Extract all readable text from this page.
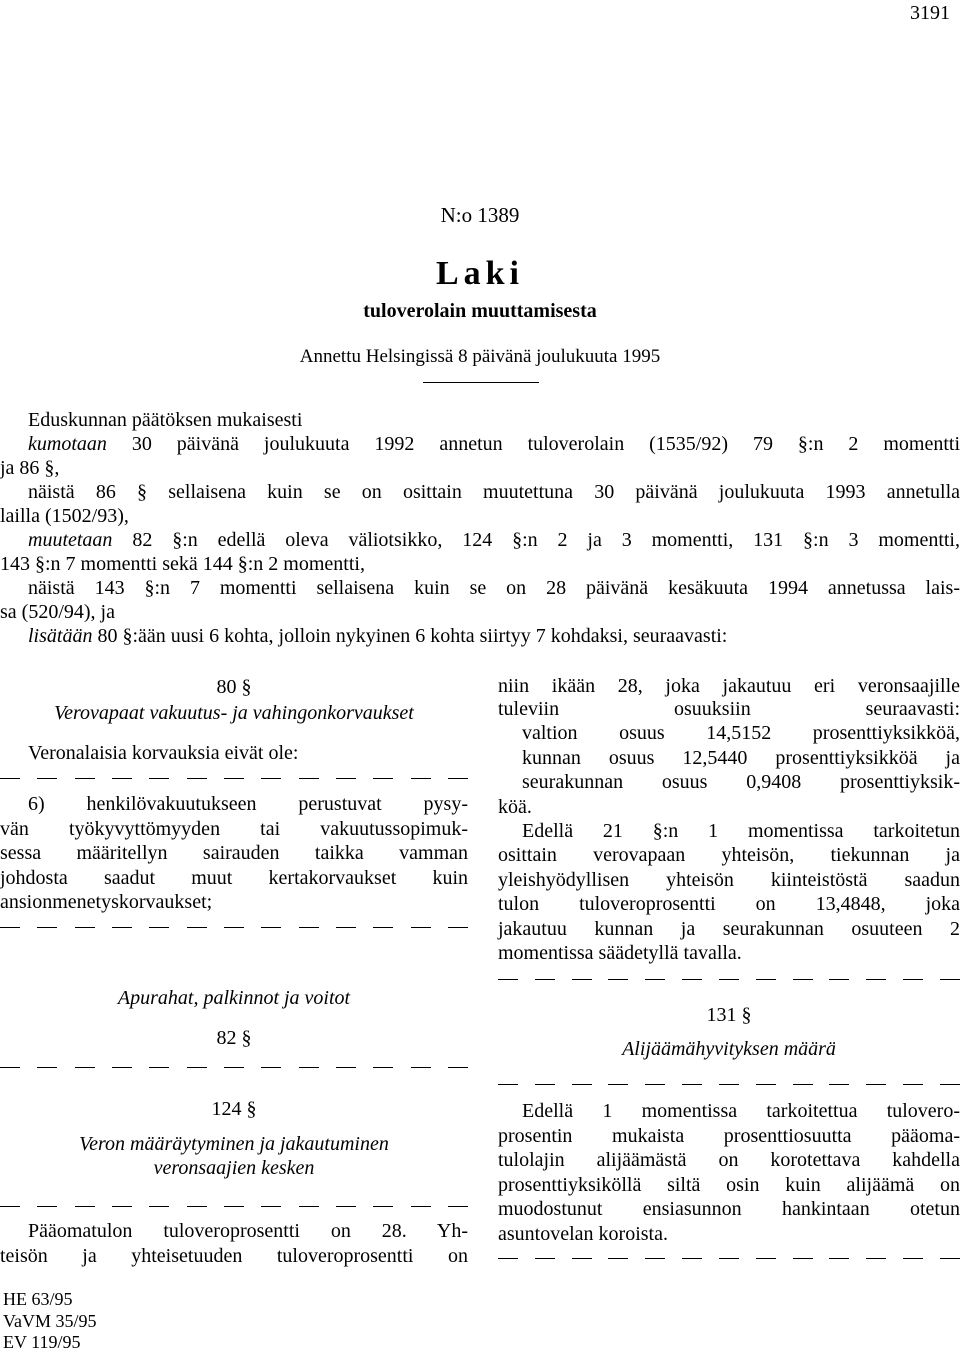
3191
N:o 1389
Laki
tuloverolain muuttamisesta
Annettu Helsingissä 8 päivänä joulukuuta 1995
Eduskunnan päätöksen mukaisesti
kumotaan 30 päivänä joulukuuta 1992 annetun tuloverolain (1535/92) 79 §:n 2 momentti
ja 86 §,
näistä 86 § sellaisena kuin se on osittain muutettuna 30 päivänä joulukuuta 1993 annetulla
lailla (1502/93),
muutetaan 82 §:n edellä oleva väliotsikko, 124 §:n 2 ja 3 momentti, 131 §:n 3 momentti,
143 §:n 7 momentti sekä 144 §:n 2 momentti,
näistä 143 §:n 7 momentti sellaisena kuin se on 28 päivänä kesäkuuta 1994 annetussa lais-
sa (520/94), ja
lisätään 80 §:ään uusi 6 kohta, jolloin nykyinen 6 kohta siirtyy 7 kohdaksi, seuraavasti:
80 §
Verovapaat vakuutus- ja vahingonkorvaukset
Veronalaisia korvauksia eivät ole:
6) henkilövakuutukseen perustuvat pysy-
vän työkyvyttömyyden tai vakuutussopimuk-
sessa määritellyn sairauden taikka vamman
johdosta saadut muut kertakorvaukset kuin
ansionmenetyskorvaukset;
Apurahat, palkinnot ja voitot
82 §
124 §
Veron määräytyminen ja jakautuminen
veronsaajien kesken
Pääomatulon tuloveroprosentti on 28. Yh-
teisön ja yhteisetuuden tuloveroprosentti on
niin ikään 28, joka jakautuu eri veronsaajille
tuleviin osuuksiin seuraavasti:
valtion osuus 14,5152 prosenttiyksikköä,
kunnan osuus 12,5440 prosenttiyksikköä ja
seurakunnan osuus 0,9408 prosenttiyksik-
köä.
Edellä 21 §:n 1 momentissa tarkoitetun
osittain verovapaan yhteisön, tiekunnan ja
yleishyödyllisen yhteisön kiinteistöstä saadun
tulon tuloveroprosentti on 13,4848, joka
jakautuu kunnan ja seurakunnan osuuteen 2
momentissa säädetyllä tavalla.
131 §
Alijäämähyvityksen määrä
Edellä 1 momentissa tarkoitettua tulovero-
prosentin mukaista prosenttiosuutta pääoma-
tulolajin alijäämästä on korotettava kahdella
prosenttiyksiköllä siltä osin kuin alijäämä on
muodostunut ensiasunnon hankintaan otetun
asuntovelan koroista.
HE 63/95
VaVM 35/95
EV 119/95
